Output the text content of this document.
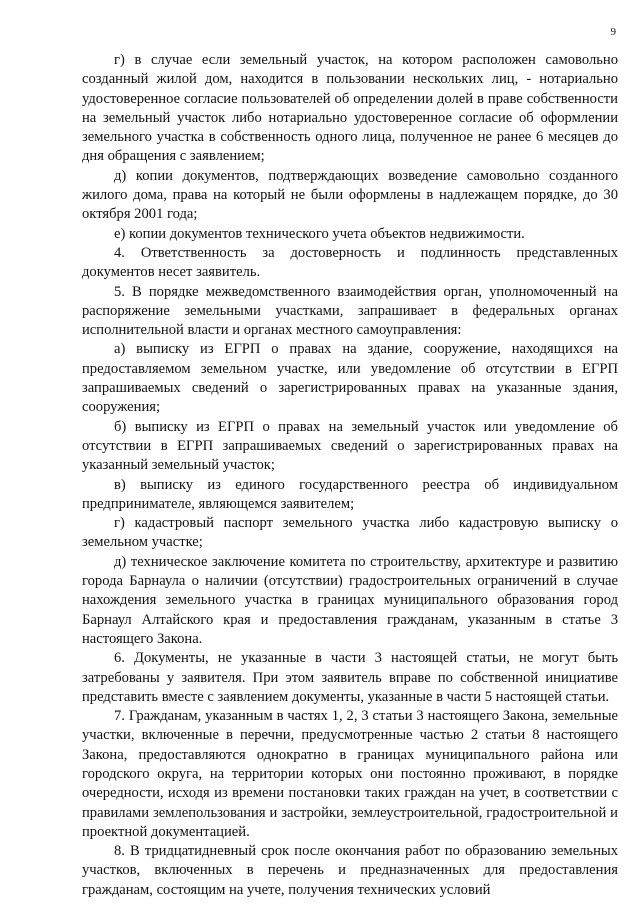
9

г) в случае если земельный участок, на котором расположен самовольно созданный жилой дом, находится в пользовании нескольких лиц, - нотариально удостоверенное согласие пользователей об определении долей в праве собственности на земельный участок либо нотариально удостоверенное согласие об оформлении земельного участка в собственность одного лица, полученное не ранее 6 месяцев до дня обращения с заявлением;

д) копии документов, подтверждающих возведение самовольно созданного жилого дома, права на который не были оформлены в надлежащем порядке, до 30 октября 2001 года;

е) копии документов технического учета объектов недвижимости.

4. Ответственность за достоверность и подлинность представленных документов несет заявитель.

5. В порядке межведомственного взаимодействия орган, уполномоченный на распоряжение земельными участками, запрашивает в федеральных органах исполнительной власти и органах местного самоуправления:

а) выписку из ЕГРП о правах на здание, сооружение, находящихся на предоставляемом земельном участке, или уведомление об отсутствии в ЕГРП запрашиваемых сведений о зарегистрированных правах на указанные здания, сооружения;

б) выписку из ЕГРП о правах на земельный участок или уведомление об отсутствии в ЕГРП запрашиваемых сведений о зарегистрированных правах на указанный земельный участок;

в) выписку из единого государственного реестра об индивидуальном предпринимателе, являющемся заявителем;

г) кадастровый паспорт земельного участка либо кадастровую выписку о земельном участке;

д) техническое заключение комитета по строительству, архитектуре и развитию города Барнаула о наличии (отсутствии) градостроительных ограничений в случае нахождения земельного участка в границах муниципального образования город Барнаул Алтайского края и предоставления гражданам, указанным в статье 3 настоящего Закона.

6. Документы, не указанные в части 3 настоящей статьи, не могут быть затребованы у заявителя. При этом заявитель вправе по собственной инициативе представить вместе с заявлением документы, указанные в части 5 настоящей статьи.

7. Гражданам, указанным в частях 1, 2, 3 статьи 3 настоящего Закона, земельные участки, включенные в перечни, предусмотренные частью 2 статьи 8 настоящего Закона, предоставляются однократно в границах муниципального района или городского округа, на территории которых они постоянно проживают, в порядке очередности, исходя из времени постановки таких граждан на учет, в соответствии с правилами землепользования и застройки, землеустроительной, градостроительной и проектной документацией.

8. В тридцатидневный срок после окончания работ по образованию земельных участков, включенных в перечень и предназначенных для предоставления гражданам, состоящим на учете, получения технических условий
